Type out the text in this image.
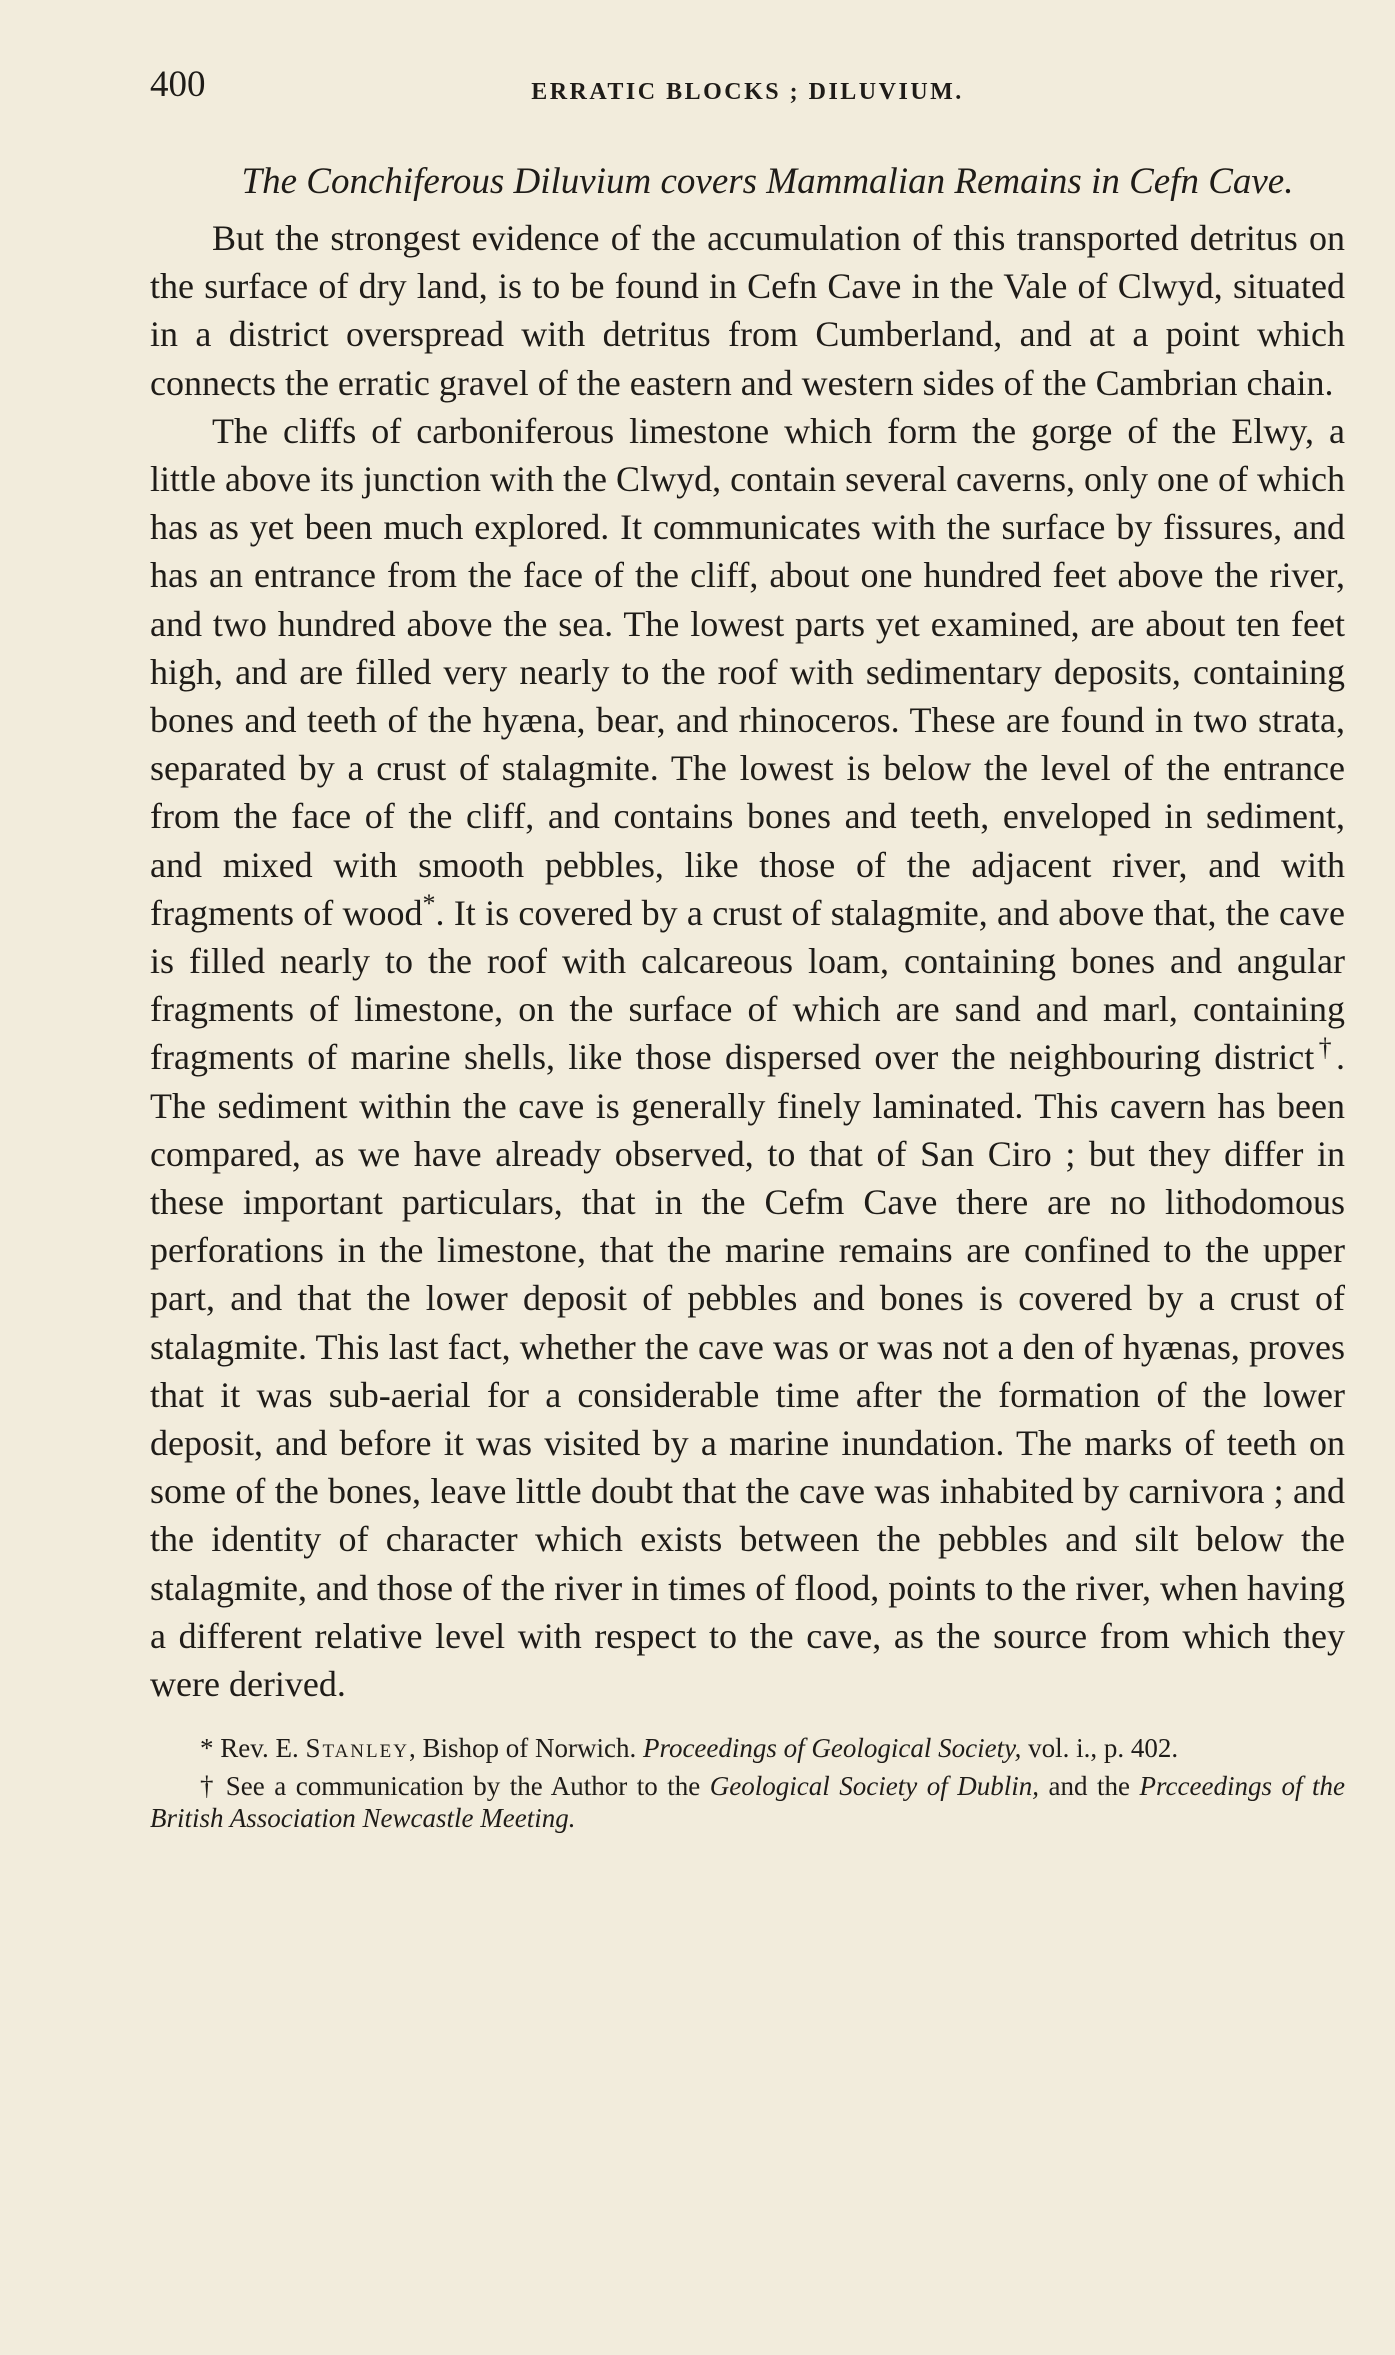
400	ERRATIC BLOCKS ; DILUVIUM.
The Conchiferous Diluvium covers Mammalian Remains in Cefn Cave.

But the strongest evidence of the accumulation of this transported detritus on the surface of dry land, is to be found in Cefn Cave in the Vale of Clwyd, situated in a district overspread with detritus from Cumberland, and at a point which connects the erratic gravel of the eastern and western sides of the Cambrian chain.

The cliffs of carboniferous limestone which form the gorge of the Elwy, a little above its junction with the Clwyd, contain several caverns, only one of which has as yet been much explored. It communicates with the surface by fissures, and has an entrance from the face of the cliff, about one hundred feet above the river, and two hundred above the sea. The lowest parts yet examined, are about ten feet high, and are filled very nearly to the roof with sedimentary deposits, containing bones and teeth of the hyæna, bear, and rhinoceros. These are found in two strata, separated by a crust of stalagmite. The lowest is below the level of the entrance from the face of the cliff, and contains bones and teeth, enveloped in sediment, and mixed with smooth pebbles, like those of the adjacent river, and with fragments of wood*. It is covered by a crust of stalagmite, and above that, the cave is filled nearly to the roof with calcareous loam, containing bones and angular fragments of limestone, on the surface of which are sand and marl, containing fragments of marine shells, like those dispersed over the neighbouring district†. The sediment within the cave is generally finely laminated. This cavern has been compared, as we have already observed, to that of San Ciro ; but they differ in these important particulars, that in the Cefm Cave there are no lithodomous perforations in the limestone, that the marine remains are confined to the upper part, and that the lower deposit of pebbles and bones is covered by a crust of stalagmite. This last fact, whether the cave was or was not a den of hyænas, proves that it was sub-aerial for a considerable time after the formation of the lower deposit, and before it was visited by a marine inundation. The marks of teeth on some of the bones, leave little doubt that the cave was inhabited by carnivora ; and the identity of character which exists between the pebbles and silt below the stalagmite, and those of the river in times of flood, points to the river, when having a different relative level with respect to the cave, as the source from which they were derived.

* Rev. E. Stanley, Bishop of Norwich. Proceedings of Geological Society, vol. i., p. 402.

† See a communication by the Author to the Geological Society of Dublin, and the Prcceedings of the British Association Newcastle Meeting.
